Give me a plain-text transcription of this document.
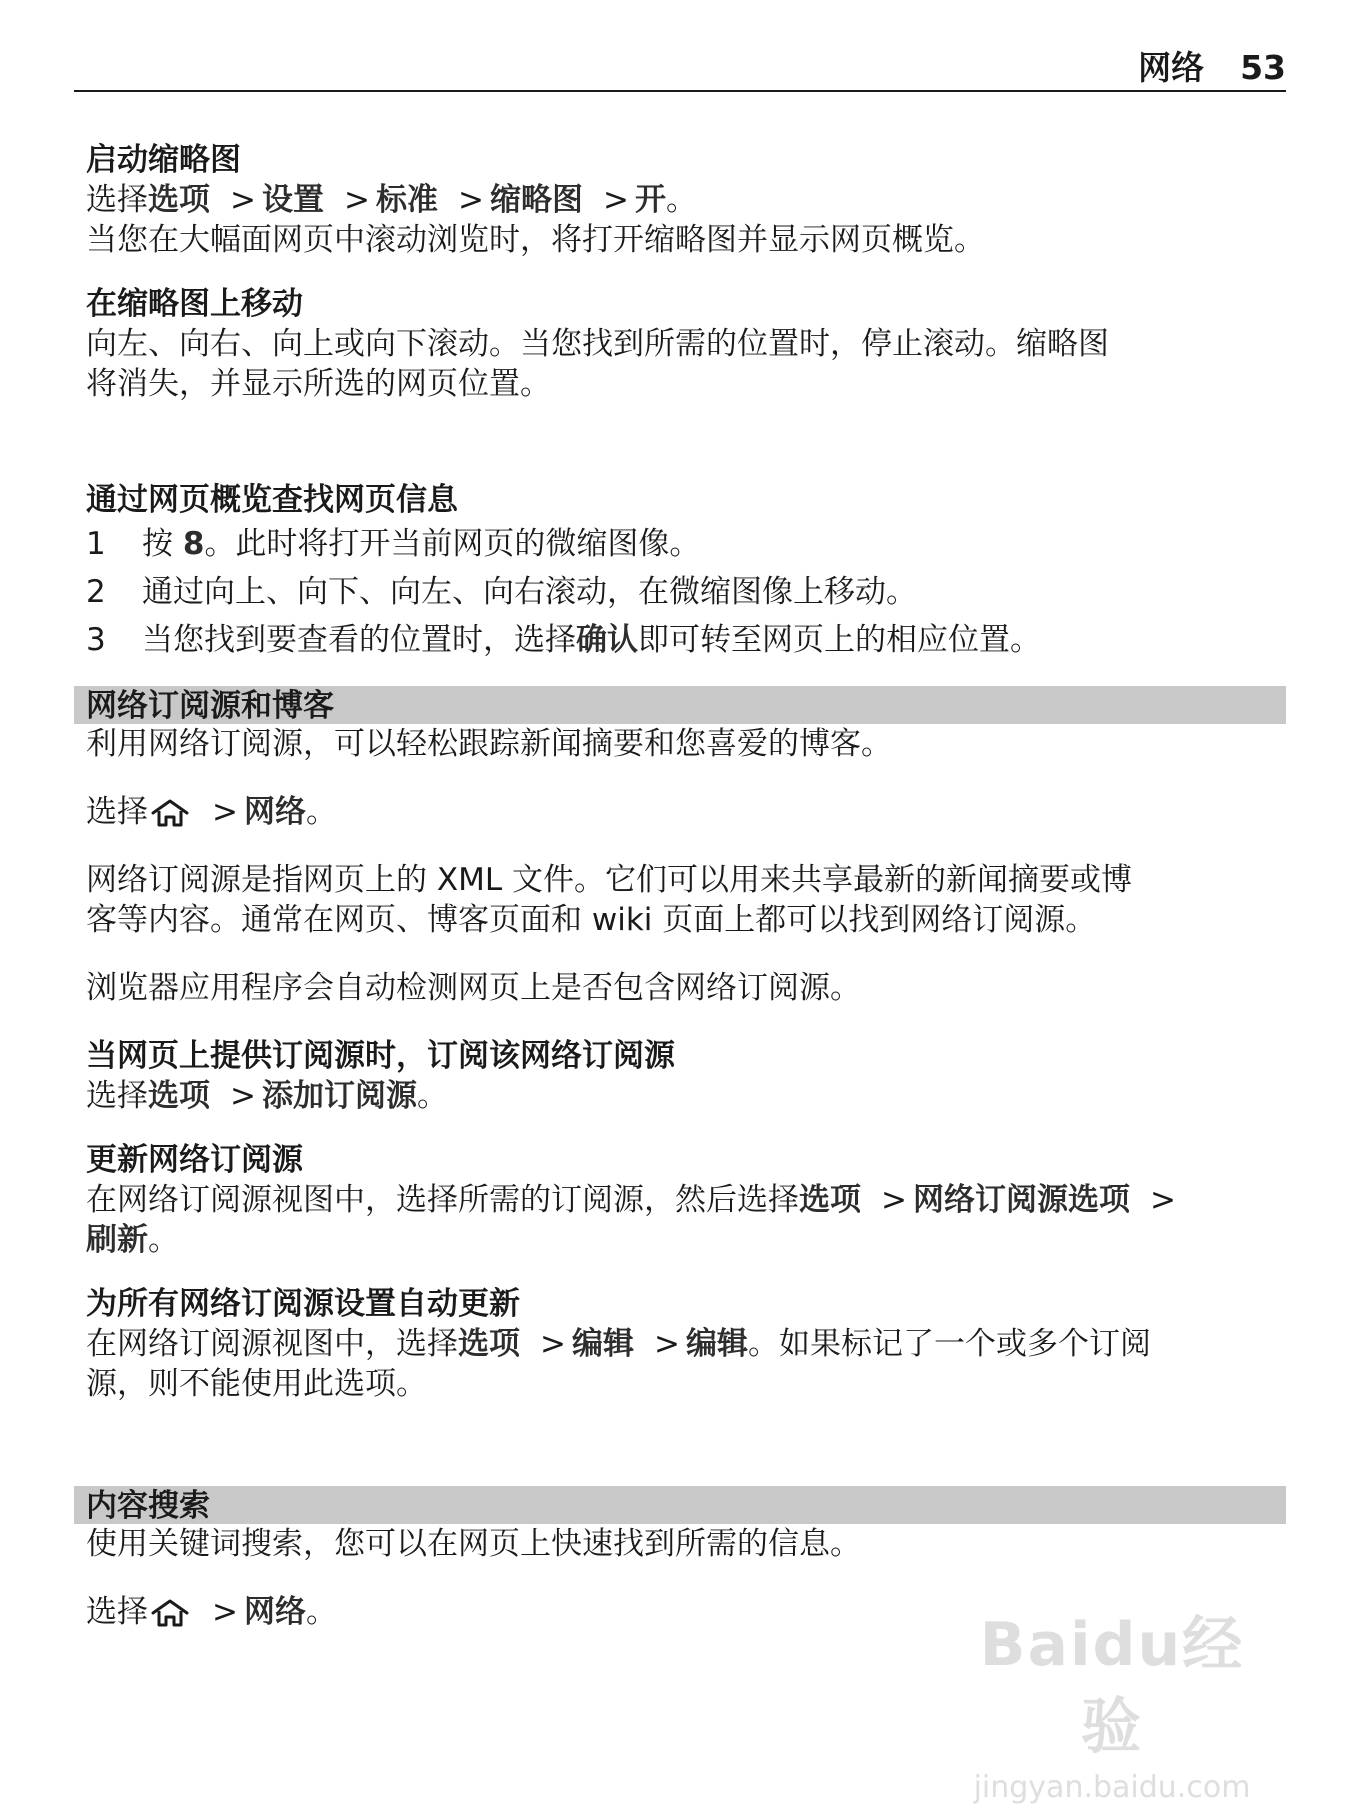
网络 53
启动缩略图

选择选项 > 设置 > 标准 > 缩略图 > 开。

当您在大幅面网页中滚动浏览时，将打开缩略图并显示网页概览。

在缩略图上移动

向左、向右、向上或向下滚动。当您找到所需的位置时，停止滚动。缩略图

将消失，并显示所选的网页位置。

通过网页概览查找网页信息
1	按 8。此时将打开当前网页的微缩图像。
2	通过向上、向下、向左、向右滚动，在微缩图像上移动。
3	当您找到要查看的位置时，选择确认即可转至网页上的相应位置。
网络订阅源和博客

利用网络订阅源，可以轻松跟踪新闻摘要和您喜爱的博客。

选择 > 网络。

网络订阅源是指网页上的 XML 文件。它们可以用来共享最新的新闻摘要或博

客等内容。通常在网页、博客页面和 wiki 页面上都可以找到网络订阅源。

浏览器应用程序会自动检测网页上是否包含网络订阅源。

当网页上提供订阅源时，订阅该网络订阅源

选择选项 > 添加订阅源。

更新网络订阅源

在网络订阅源视图中，选择所需的订阅源，然后选择选项 > 网络订阅源选项 >

刷新。

为所有网络订阅源设置自动更新

在网络订阅源视图中，选择选项 > 编辑 > 编辑。如果标记了一个或多个订阅

源，则不能使用此选项。

内容搜索

使用关键词搜索，您可以在网页上快速找到所需的信息。

选择 > 网络。	Baidu经验
jingyan.baidu.com
